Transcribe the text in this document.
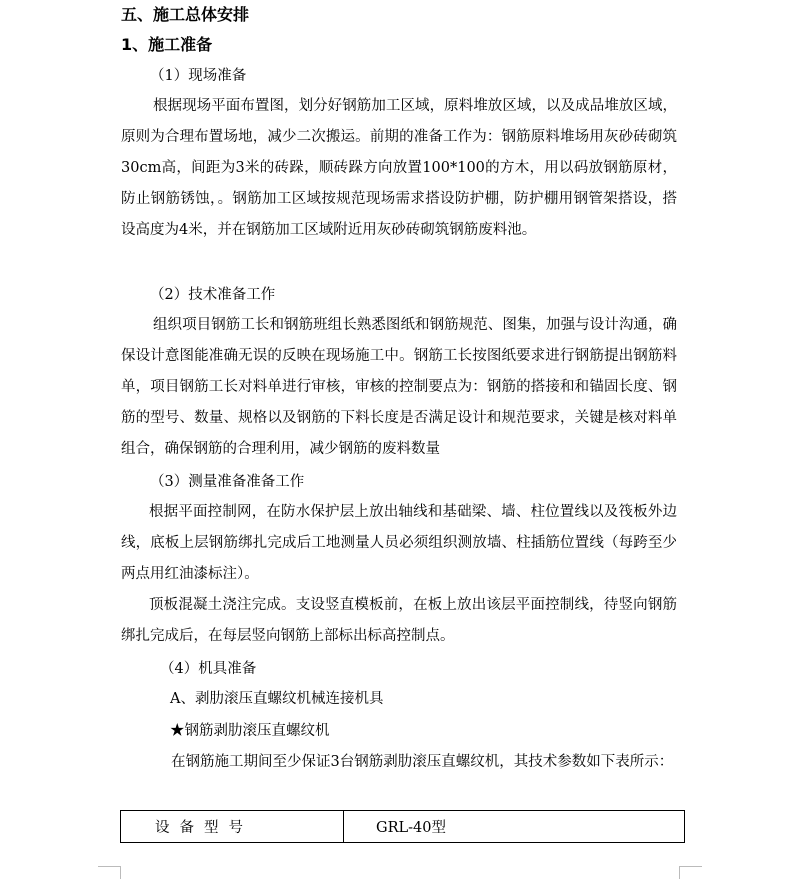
五、施工总体安排
1、施工准备
（1）现场准备
根据现场平面布置图，划分好钢筋加工区域，原料堆放区域，以及成品堆放区域，原则为合理布置场地，减少二次搬运。前期的准备工作为：钢筋原料堆场用灰砂砖砌筑30cm高，间距为3米的砖跺，顺砖跺方向放置100*100的方木，用以码放钢筋原材，防止钢筋锈蚀，。钢筋加工区域按规范现场需求搭设防护棚，防护棚用钢管架搭设，搭设高度为4米，并在钢筋加工区域附近用灰砂砖砌筑钢筋废料池。
（2）技术准备工作
组织项目钢筋工长和钢筋班组长熟悉图纸和钢筋规范、图集，加强与设计沟通，确保设计意图能准确无误的反映在现场施工中。钢筋工长按图纸要求进行钢筋提出钢筋料单，项目钢筋工长对料单进行审核，审核的控制要点为：钢筋的搭接和和锚固长度、钢筋的型号、数量、规格以及钢筋的下料长度是否满足设计和规范要求，关键是核对料单组合，确保钢筋的合理利用，减少钢筋的废料数量
（3）测量准备准备工作
根据平面控制网，在防水保护层上放出轴线和基础梁、墙、柱位置线以及筏板外边线，底板上层钢筋绑扎完成后工地测量人员必须组织测放墙、柱插筋位置线（每跨至少两点用红油漆标注）。
顶板混凝土浇注完成。支设竖直模板前，在板上放出该层平面控制线，待竖向钢筋绑扎完成后，在每层竖向钢筋上部标出标高控制点。
（4）机具准备
A、剥肋滚压直螺纹机械连接机具
★钢筋剥肋滚压直螺纹机
在钢筋施工期间至少保证3台钢筋剥肋滚压直螺纹机，其技术参数如下表所示：
设备型号	GRL-40型
